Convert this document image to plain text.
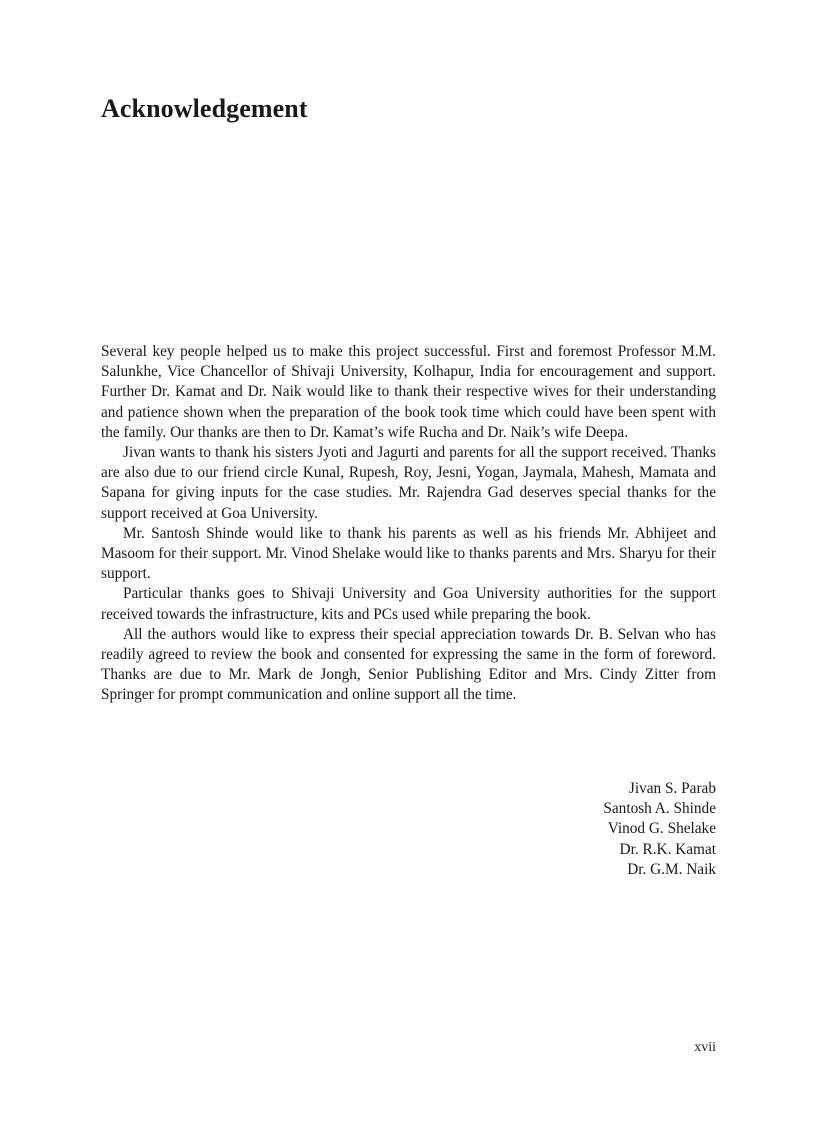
Acknowledgement

Several key people helped us to make this project successful. First and foremost Professor M.M. Salunkhe, Vice Chancellor of Shivaji University, Kolhapur, India for encouragement and support. Further Dr. Kamat and Dr. Naik would like to thank their respective wives for their understanding and patience shown when the preparation of the book took time which could have been spent with the family. Our thanks are then to Dr. Kamat’s wife Rucha and Dr. Naik’s wife Deepa.

Jivan wants to thank his sisters Jyoti and Jagurti and parents for all the support received. Thanks are also due to our friend circle Kunal, Rupesh, Roy, Jesni, Yogan, Jaymala, Mahesh, Mamata and Sapana for giving inputs for the case studies. Mr. Rajendra Gad deserves special thanks for the support received at Goa University.

Mr. Santosh Shinde would like to thank his parents as well as his friends Mr. Abhijeet and Masoom for their support. Mr. Vinod Shelake would like to thanks parents and Mrs. Sharyu for their support.

Particular thanks goes to Shivaji University and Goa University authorities for the support received towards the infrastructure, kits and PCs used while preparing the book.

All the authors would like to express their special appreciation towards Dr. B. Selvan who has readily agreed to review the book and consented for expressing the same in the form of foreword. Thanks are due to Mr. Mark de Jongh, Senior Publishing Editor and Mrs. Cindy Zitter from Springer for prompt communication and online support all the time.

Jivan S. Parab
Santosh A. Shinde
Vinod G. Shelake
Dr. R.K. Kamat
Dr. G.M. Naik
xvii
